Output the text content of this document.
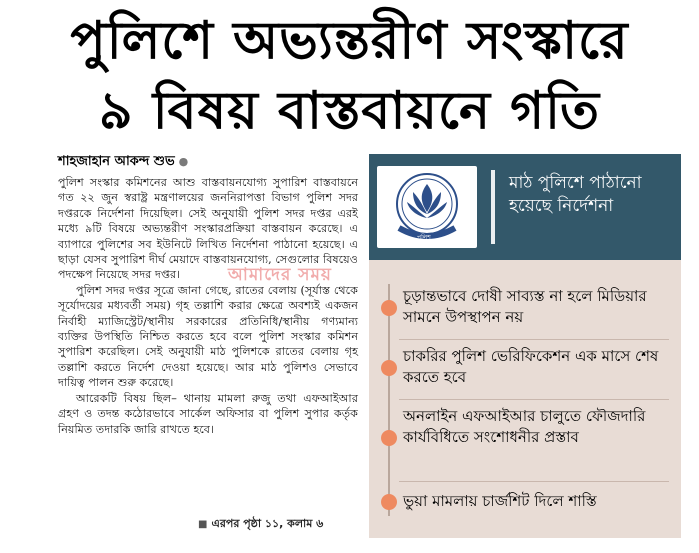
পুলিশে অভ্যন্তরীণ সংস্কারে
৯ বিষয় বাস্তবায়নে গতি
শাহজাহান আকন্দ শুভ ●

পুলিশ সংস্কার কমিশনের আশু বাস্তবায়নযোগ্য সুপারিশ বাস্তবায়নে গত ২২ জুন স্বরাষ্ট্র মন্ত্রণালয়ের জননিরাপত্তা বিভাগ পুলিশ সদর দপ্তরকে নির্দেশনা দিয়েছিল। সেই অনুযায়ী পুলিশ সদর দপ্তর এরই মধ্যে ৯টি বিষয়ে অভ্যন্তরীণ সংস্কারপ্রক্রিয়া বাস্তবায়ন করেছে। এ ব্যাপারে পুলিশের সব ইউনিটে লিখিত নির্দেশনা পাঠানো হয়েছে। এ ছাড়া যেসব সুপারিশ দীর্ঘ মেয়াদে বাস্তবায়নযোগ্য, সেগুলোর বিষয়েও পদক্ষেপ নিয়েছে সদর দপ্তর।

পুলিশ সদর দপ্তর সূত্রে জানা গেছে, রাতের বেলায় (সূর্যাস্ত থেকে সূর্যোদয়ের মধ্যবর্তী সময়) গৃহ তল্লাশি করার ক্ষেত্রে অবশ্যই একজন নির্বাহী ম্যাজিস্ট্রেট/স্থানীয় সরকারের প্রতিনিধি/স্থানীয় গণ্যমান্য ব্যক্তির উপস্থিতি নিশ্চিত করতে হবে বলে পুলিশ সংস্কার কমিশন সুপারিশ করেছিল। সেই অনুযায়ী মাঠ পুলিশকে রাতের বেলায় গৃহ তল্লাশি করতে নির্দেশ দেওয়া হয়েছে। আর মাঠ পুলিশও সেভাবে দায়িত্ব পালন শুরু করেছে।

আরেকটি বিষয় ছিল– থানায় মামলা রুজু তথা এফআইআর গ্রহণ ও তদন্ত কঠোরভাবে সার্কেল অফিসার বা পুলিশ সুপার কর্তৃক নিয়মিত তদারকি জারি রাখতে হবে।

■ এরপর পৃষ্ঠা ১১, কলাম ৬
আমাদের সময়
পুলিশ
মাঠ পুলিশে পাঠানো হয়েছে নির্দেশনা
চূড়ান্তভাবে দোষী সাব্যস্ত না হলে মিডিয়ার সামনে উপস্থাপন নয়
চাকরির পুলিশ ভেরিফিকেশন এক মাসে শেষ করতে হবে
অনলাইন এফআইআর চালুতে ফৌজদারি কার্যবিধিতে সংশোধনীর প্রস্তাব
ভুয়া মামলায় চার্জশিট দিলে শাস্তি
